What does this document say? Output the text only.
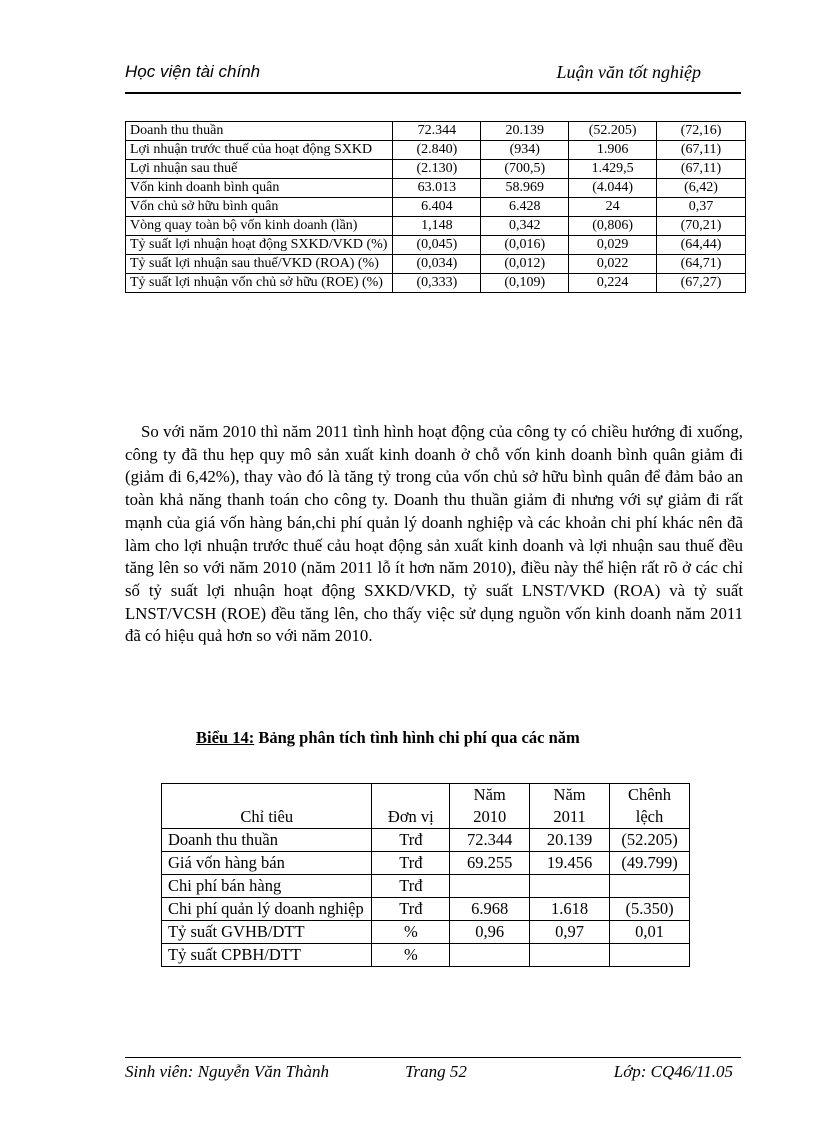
Học viện tài chính	Luận văn tốt nghiệp
Doanh thu thuần	72.344	20.139	(52.205)	(72,16)
Lợi nhuận trước thuế của hoạt động SXKD	(2.840)	(934)	1.906	(67,11)
Lợi nhuận sau thuế	(2.130)	(700,5)	1.429,5	(67,11)
Vốn kinh doanh bình quân	63.013	58.969	(4.044)	(6,42)
Vốn chủ sở hữu bình quân	6.404	6.428	24	0,37
Vòng quay toàn bộ vốn kinh doanh (lần)	1,148	0,342	(0,806)	(70,21)
Tỷ suất lợi nhuận hoạt động SXKD/VKD (%)	(0,045)	(0,016)	0,029	(64,44)
Tỷ suất lợi nhuận sau thuế/VKD (ROA) (%)	(0,034)	(0,012)	0,022	(64,71)
Tỷ suất lợi nhuận vốn chủ sở hữu (ROE) (%)	(0,333)	(0,109)	0,224	(67,27)

So với năm 2010 thì năm 2011 tình hình hoạt động của công ty có chiều hướng đi xuống, công ty đã thu hẹp quy mô sản xuất kinh doanh ở chỗ vốn kinh doanh bình quân giảm đi (giảm đi 6,42%), thay vào đó là tăng tỷ trong của vốn chủ sở hữu bình quân để đảm bảo an toàn khả năng thanh toán cho công ty. Doanh thu thuần giảm đi nhưng với sự giảm đi rất mạnh của giá vốn hàng bán,chi phí quản lý doanh nghiệp và các khoản chi phí khác nên đã làm cho lợi nhuận trước thuế cảu hoạt động sản xuất kinh doanh và lợi nhuận sau thuế đều tăng lên so với năm 2010 (năm 2011 lỗ ít hơn năm 2010), điều này thể hiện rất rõ ở các chỉ số tỷ suất lợi nhuận hoạt động SXKD/VKD, tỷ suất LNST/VKD (ROA) và tỷ suất LNST/VCSH (ROE) đều tăng lên, cho thấy việc sử dụng nguồn vốn kinh doanh năm 2011 đã có hiệu quả hơn so với năm 2010.

Biểu 14: Bảng phân tích tình hình chi phí qua các năm
Chỉ tiêu	Đơn vị	Năm 2010	Năm 2011	Chênh lệch
Doanh thu thuần	Trđ	72.344	20.139	(52.205)
Giá vốn hàng bán	Trđ	69.255	19.456	(49.799)
Chi phí bán hàng	Trđ			
Chi phí quản lý doanh nghiệp	Trđ	6.968	1.618	(5.350)
Tỷ suất GVHB/DTT	%	0,96	0,97	0,01
Tỷ suất CPBH/DTT	%			
Sinh viên: Nguyễn Văn Thành	Trang 52	Lớp: CQ46/11.05
